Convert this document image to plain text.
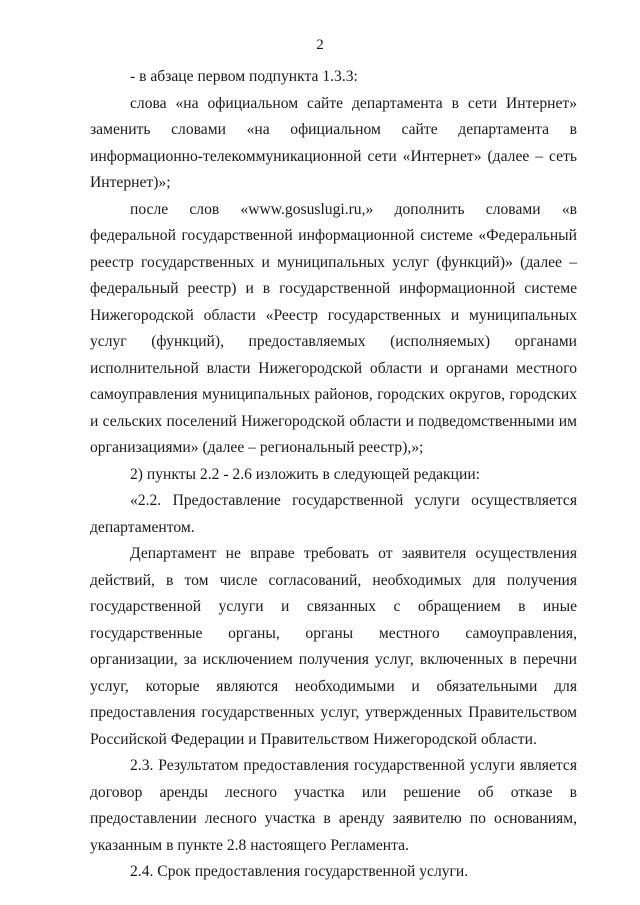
2

- в абзаце первом подпункта 1.3.3:

слова «на официальном сайте департамента в сети Интернет» заменить словами «на официальном сайте департамента в информационно-телекоммуникационной сети «Интернет» (далее – сеть Интернет)»;

после слов «www.gosuslugi.ru,» дополнить словами «в федеральной государственной информационной системе «Федеральный реестр государственных и муниципальных услуг (функций)» (далее – федеральный реестр) и в государственной информационной системе Нижегородской области «Реестр государственных и муниципальных услуг (функций), предоставляемых (исполняемых) органами исполнительной власти Нижегородской области и органами местного самоуправления муниципальных районов, городских округов, городских и сельских поселений Нижегородской области и подведомственными им организациями» (далее – региональный реестр),»;

2) пункты 2.2 - 2.6 изложить в следующей редакции:

«2.2. Предоставление государственной услуги осуществляется департаментом.

Департамент не вправе требовать от заявителя осуществления действий, в том числе согласований, необходимых для получения государственной услуги и связанных с обращением в иные государственные органы, органы местного самоуправления, организации, за исключением получения услуг, включенных в перечни услуг, которые являются необходимыми и обязательными для предоставления государственных услуг, утвержденных Правительством Российской Федерации и Правительством Нижегородской области.

2.3. Результатом предоставления государственной услуги является договор аренды лесного участка или решение об отказе в предоставлении лесного участка в аренду заявителю по основаниям, указанным в пункте 2.8 настоящего Регламента.

2.4. Срок предоставления государственной услуги.
